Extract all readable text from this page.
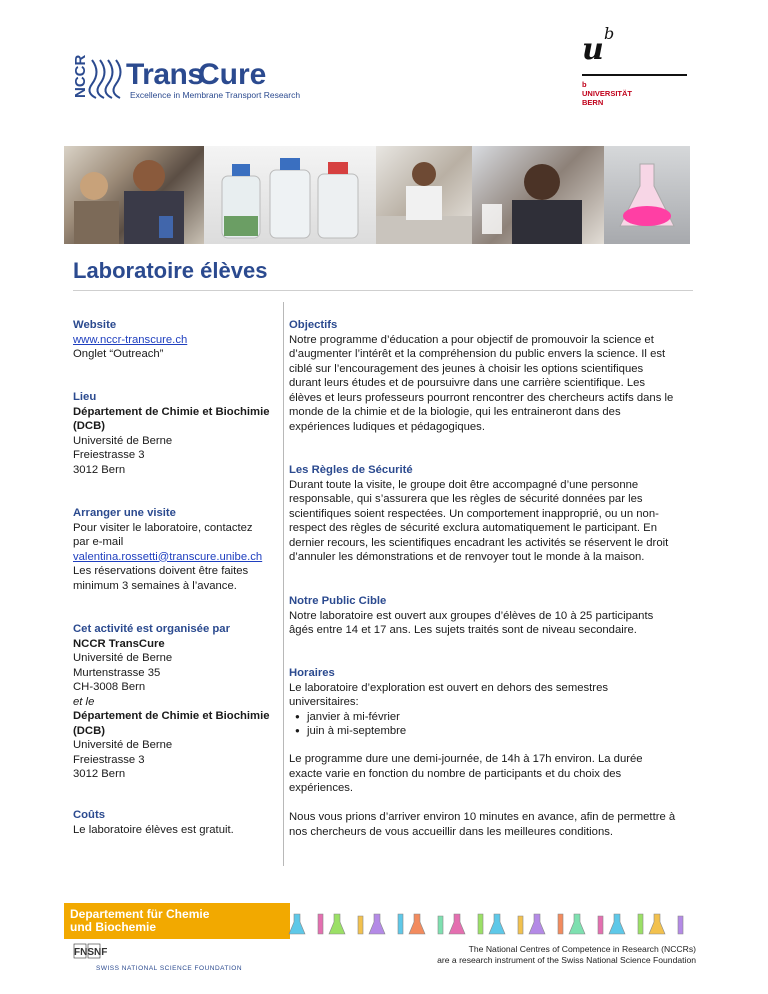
NCCR Trans
Cure
Excellence in Membrane Transport Research
u b
b
UNIVERSITÄT
BERN
Laboratoire élèves
Website
www.nccr-transcure.ch
Onglet “Outreach”
Lieu
Département de Chimie et Biochimie
(DCB)
Université de Berne
Freiestrasse 3
3012 Bern
Arranger une visite
Pour visiter le laboratoire, contactez
par e-mail
valentina.rossetti@transcure.unibe.ch
Les réservations doivent être faites
minimum 3 semaines à l’avance.
Cet activité est organisée par
NCCR TransCure
Université de Berne
Murtenstrasse 35
CH-3008 Bern
et le
Département de Chimie et Biochimie
(DCB)
Université de Berne
Freiestrasse 3
3012 Bern
Coûts
Le laboratoire élèves est gratuit.
Objectifs
Notre programme d’éducation a pour objectif de promouvoir la science et
d’augmenter l’intérêt et la compréhension du public envers la science. Il est
ciblé sur l’encouragement des jeunes à choisir les options scientifiques
durant leurs études et de poursuivre dans une carrière scientifique. Les
élèves et leurs professeurs pourront rencontrer des chercheurs actifs dans le
monde de la chimie et de la biologie, qui les entraineront dans des
expériences ludiques et pédagogiques.
Les Règles de Sécurité
Durant toute la visite, le groupe doit être accompagné d’une personne
responsable, qui s’assurera que les règles de sécurité données par les
scientifiques soient respectées. Un comportement inapproprié, ou un non-
respect des règles de sécurité exclura automatiquement le participant. En
dernier recours, les scientifiques encadrant les activités se réservent le droit
d’annuler les démonstrations et de renvoyer tout le monde à la maison.
Notre Public Cible
Notre laboratoire est ouvert aux groupes d’élèves de 10 à 25 participants
âgés entre 14 et 17 ans. Les sujets traités sont de niveau secondaire.
Horaires
Le laboratoire d’exploration est ouvert en dehors des semestres
universitaires:
● janvier à mi-février
● juin à mi-septembre
Le programme dure une demi-journée, de 14h à 17h environ. La durée
exacte varie en fonction du nombre de participants et du choix des
expériences.
Nous vous prions d’arriver environ 10 minutes en avance, afin de permettre à
nos chercheurs de vous accueillir dans les meilleures conditions.
Departement für Chemie
und Biochemie
FNSNF
SWISS NATIONAL SCIENCE FOUNDATION
The National Centres of Competence in Research (NCCRs)
are a research instrument of the Swiss National Science Foundation
